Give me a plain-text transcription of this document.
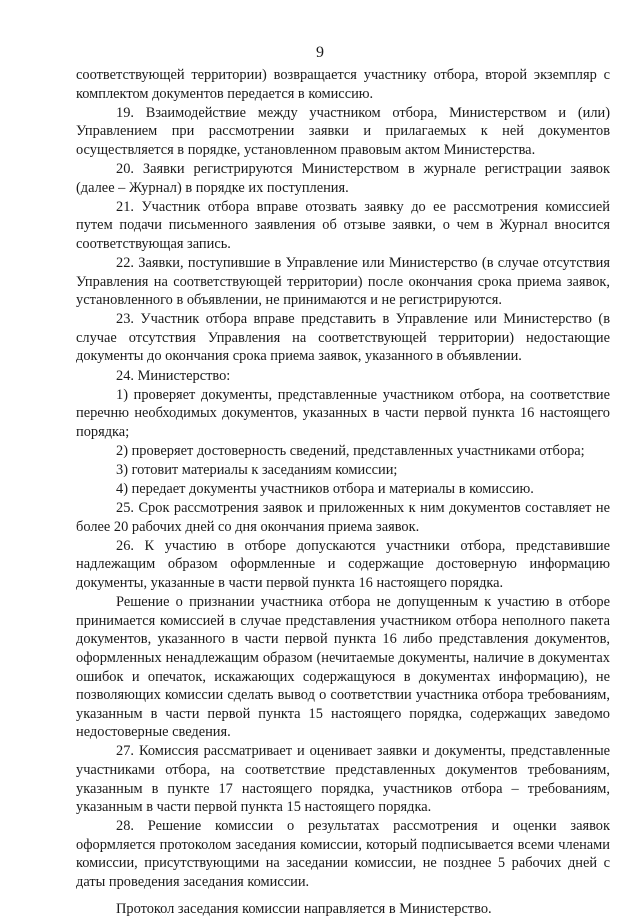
9

соответствующей территории) возвращается участнику отбора, второй экземпляр с комплектом документов передается в комиссию.

19. Взаимодействие между участником отбора, Министерством и (или) Управлением при рассмотрении заявки и прилагаемых к ней документов осуществляется в порядке, установленном правовым актом Министерства.

20. Заявки регистрируются Министерством в журнале регистрации заявок (далее – Журнал) в порядке их поступления.

21. Участник отбора вправе отозвать заявку до ее рассмотрения комиссией путем подачи письменного заявления об отзыве заявки, о чем в Журнал вносится соответствующая запись.

22. Заявки, поступившие в Управление или Министерство (в случае отсутствия Управления на соответствующей территории) после окончания срока приема заявок, установленного в объявлении, не принимаются и не регистрируются.

23. Участник отбора вправе представить в Управление или Министерство (в случае отсутствия Управления на соответствующей территории) недостающие документы до окончания срока приема заявок, указанного в объявлении.

24. Министерство:

1) проверяет документы, представленные участником отбора, на соответствие перечню необходимых документов, указанных в части первой пункта 16 настоящего порядка;

2) проверяет достоверность сведений, представленных участниками отбора;

3) готовит материалы к заседаниям комиссии;

4) передает документы участников отбора и материалы в комиссию.

25. Срок рассмотрения заявок и приложенных к ним документов составляет не более 20 рабочих дней со дня окончания приема заявок.

26. К участию в отборе допускаются участники отбора, представившие надлежащим образом оформленные и содержащие достоверную информацию документы, указанные в части первой пункта 16 настоящего порядка.

Решение о признании участника отбора не допущенным к участию в отборе принимается комиссией в случае представления участником отбора неполного пакета документов, указанного в части первой пункта 16 либо представления документов, оформленных ненадлежащим образом (нечитаемые документы, наличие в документах ошибок и опечаток, искажающих содержащуюся в документах информацию), не позволяющих комиссии сделать вывод о соответствии участника отбора требованиям, указанным в части первой пункта 15 настоящего порядка, содержащих заведомо недостоверные сведения.

27. Комиссия рассматривает и оценивает заявки и документы, представленные участниками отбора, на соответствие представленных документов требованиям, указанным в пункте 17 настоящего порядка, участников отбора – требованиям, указанным в части первой пункта 15 настоящего порядка.

28. Решение комиссии о результатах рассмотрения и оценки заявок оформляется протоколом заседания комиссии, который подписывается всеми членами комиссии, присутствующими на заседании комиссии, не позднее 5 рабочих дней с даты проведения заседания комиссии.

Протокол заседания комиссии направляется в Министерство.
